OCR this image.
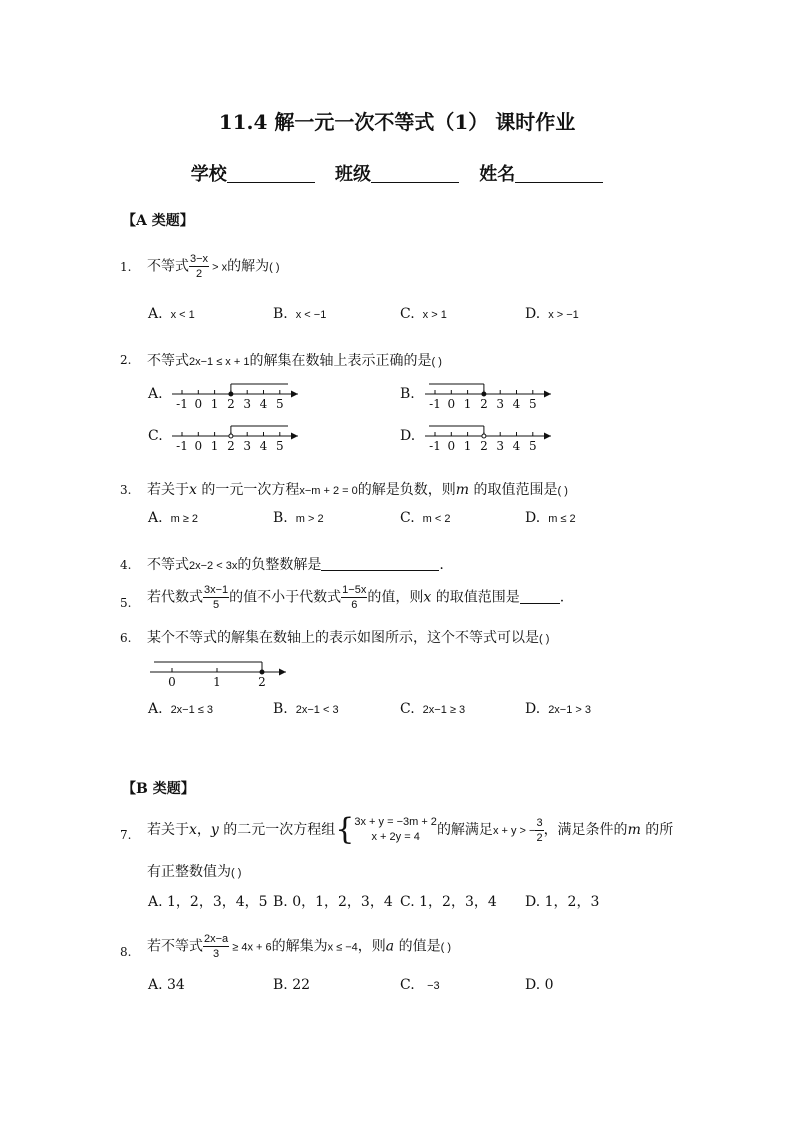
11.4 解一元一次不等式（1） 课时作业
学校	班级	姓名
【A 类题】
1. 不等式 $\frac{3-x}{2} > x$的解为( )
A. x < 1	B. x < −1	C. x > 1	D. x > −1
2. 不等式2x−1 ≤ x + 1的解集在数轴上表示正确的是( )
A.	B.
C.	D.
-1 0 1 2 3 4 5	-1 0 1 2 3 4 5
-1 0 1 2 3 4 5	-1 0 1 2 3 4 5
3. 若关于x 的一元一次方程x−m + 2 = 0的解是负数，则m 的取值范围是( )
A. m ≥ 2	B. m > 2	C. m < 2	D. m ≤ 2
4. 不等式2x−2 < 3x的负整数解是	.
5. 若代数式 $\frac{3x-1}{5}$ 的值不小于代数式 $\frac{1-5x}{6}$ 的值，则x 的取值范围是	.
6. 某个不等式的解集在数轴上的表示如图所示，这个不等式可以是( )
0	1	2
A. 2x−1 ≤ 3	B. 2x−1 < 3	C. 2x−1 ≥ 3	D. 2x−1 > 3
【B 类题】
7. 若关于x，y 的二元一次方程组{ 3x + y = −3m + 2
x + 2y = 4	的解满足x + y > − $\frac{3}{2}$ ，满足条件的m 的所
有正整数值为( )
A. 1，2，3，4，5 B. 0，1，2，3，4 C. 1，2，3，4 D. 1，2，3
8. 若不等式 $\frac{2x-a}{3} \ge 4x + 6$的解集为x ≤ −4，则a 的值是( )
A. 34	B. 22	C. −3	D. 0
